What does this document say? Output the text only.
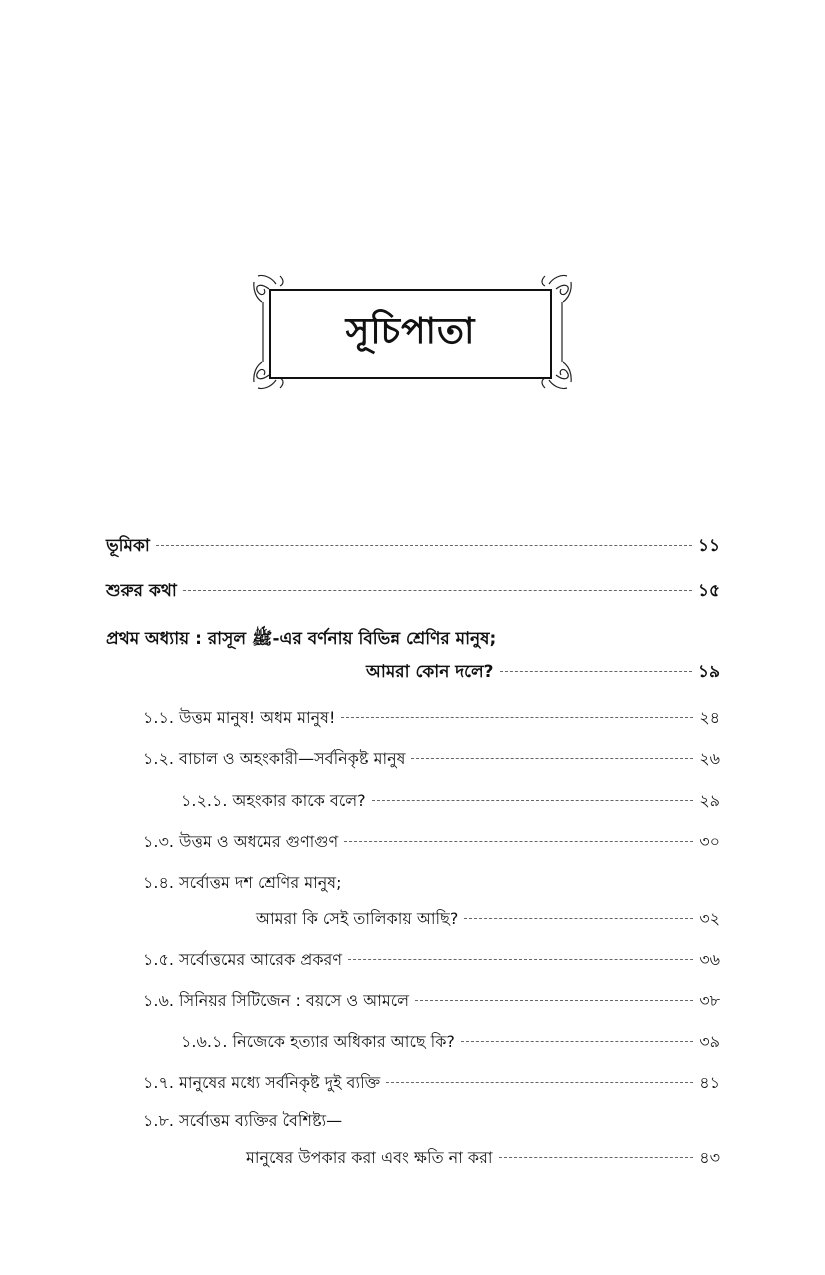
সূচিপাতা
ভূমিকা	১১
শুরুর কথা	১৫
প্রথম অধ্যায় : রাসূল ﷺ-এর বর্ণনায় বিভিন্ন শ্রেণির মানুষ;
আমরা কোন দলে?	১৯
১.১. উত্তম মানুষ! অধম মানুষ!	২৪
১.২. বাচাল ও অহংকারী—সর্বনিকৃষ্ট মানুষ	২৬
১.২.১. অহংকার কাকে বলে?	২৯
১.৩. উত্তম ও অধমের গুণাগুণ	৩০
১.৪. সর্বোত্তম দশ শ্রেণির মানুষ;
আমরা কি সেই তালিকায় আছি?	৩২
১.৫. সর্বোত্তমের আরেক প্রকরণ	৩৬
১.৬. সিনিয়র সিটিজেন : বয়সে ও আমলে	৩৮
১.৬.১. নিজেকে হত্যার অধিকার আছে কি?	৩৯
১.৭. মানুষের মধ্যে সর্বনিকৃষ্ট দুই ব্যক্তি	৪১
১.৮. সর্বোত্তম ব্যক্তির বৈশিষ্ট্য—
মানুষের উপকার করা এবং ক্ষতি না করা	৪৩
